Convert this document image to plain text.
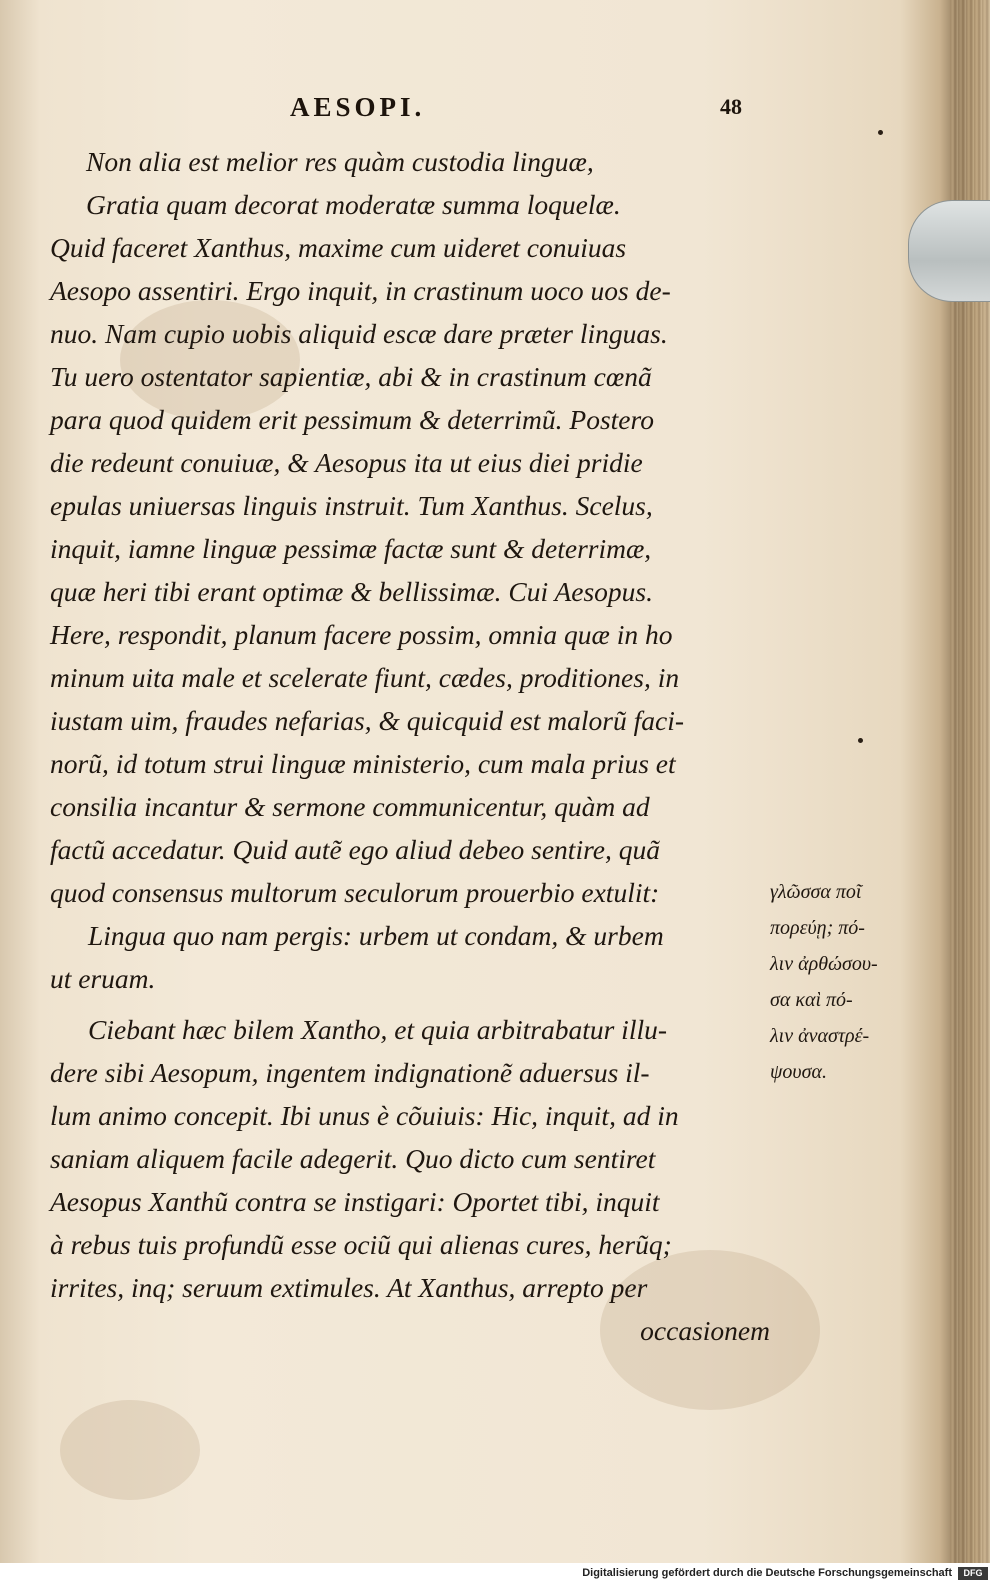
AESOPI.	48
Non alia est melior res quàm custodia linguæ,
Gratia quam decorat moderatæ summa loquelæ.
Quid faceret Xanthus, maxime cum uideret conuiuas
Aesopo assentiri. Ergo inquit, in crastinum uoco uos de-
nuo. Nam cupio uobis aliquid escæ dare præter linguas.
Tu uero ostentator sapientiæ, abi & in crastinum cœnã
para quod quidem erit pessimum & deterrimũ. Postero
die redeunt conuiuæ, & Aesopus ita ut eius diei pridie
epulas uniuersas linguis instruit. Tum Xanthus. Scelus,
inquit, iamne linguæ pessimæ factæ sunt & deterrimæ,
quæ heri tibi erant optimæ & bellissimæ. Cui Aesopus.
Here, respondit, planum facere possim, omnia quæ in ho
minum uita male et scelerate fiunt, cædes, proditiones, in
iustam uim, fraudes nefarias, & quicquid est malorũ faci-
norũ, id totum strui linguæ ministerio, cum mala prius et
consilia incantur & sermone communicentur, quàm ad
factũ accedatur. Quid autẽ ego aliud debeo sentire, quã
quod consensus multorum seculorum prouerbio extulit:
Lingua quo nam pergis: urbem ut condam, & urbem
ut eruam.
Ciebant hæc bilem Xantho, et quia arbitrabatur illu-
dere sibi Aesopum, ingentem indignationẽ aduersus il-
lum animo concepit. Ibi unus è cõuiuis: Hic, inquit, ad in
saniam aliquem facile adegerit. Quo dicto cum sentiret
Aesopus Xanthũ contra se instigari: Oportet tibi, inquit
à rebus tuis profundũ esse ociũ qui alienas cures, herũq;
irrites, inq; seruum extimules. At Xanthus, arrepto per
occasionem
γλῶσσα ποῖ
πορεύῃ; πό-
λιν ἀρθώσου-
σα καὶ πό-
λιν ἀναστρέ-
ψουσα.
Digitalisierung gefördert durch die Deutsche Forschungsgemeinschaft	DFG
